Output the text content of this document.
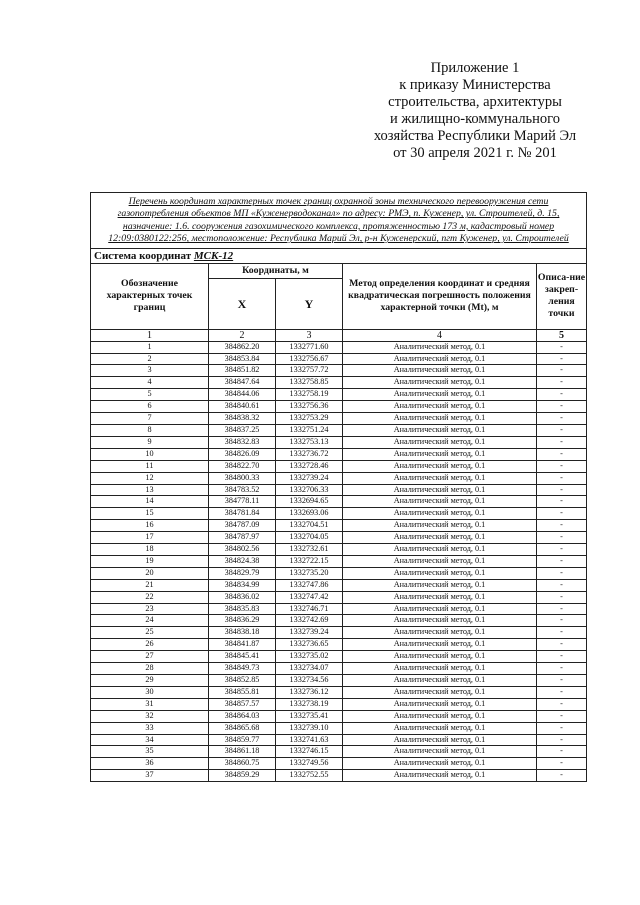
Приложение 1
к приказу Министерства
строительства, архитектуры
и жилищно-коммунального
хозяйства Республики Марий Эл
от 30 апреля 2021 г. № 201
Перечень координат характерных точек границ охранной зоны технического перевооружения сети газопотребления объектов МП «Куженерводоканал» по адресу: РМЭ, п. Куженер, ул. Строителей, д. 15, назначение: 1.6. сооружения газохимического комплекса, протяженностью 173 м, кадастровый номер 12:09:0380122:256, местоположение: Республика Марий Эл, р-н Куженерский, пгт Куженер, ул. Строителей				
Система координат МСК-12				
Обозначение характерных точек границ	Координаты, м		Метод определения координат и средняя квадратическая погрешность положения характерной точки (Mt), м	Описа-ние закреп-ления точки
	X	Y		
1	2	3	4	5
1	384862.20	1332771.60	Аналитический метод, 0.1	-
2	384853.84	1332756.67	Аналитический метод, 0.1	-
3	384851.82	1332757.72	Аналитический метод, 0.1	-
4	384847.64	1332758.85	Аналитический метод, 0.1	-
5	384844.06	1332758.19	Аналитический метод, 0.1	-
6	384840.61	1332756.36	Аналитический метод, 0.1	-
7	384838.32	1332753.29	Аналитический метод, 0.1	-
8	384837.25	1332751.24	Аналитический метод, 0.1	-
9	384832.83	1332753.13	Аналитический метод, 0.1	-
10	384826.09	1332736.72	Аналитический метод, 0.1	-
11	384822.70	1332728.46	Аналитический метод, 0.1	-
12	384800.33	1332739.24	Аналитический метод, 0.1	-
13	384783.52	1332706.33	Аналитический метод, 0.1	-
14	384778.11	1332694.65	Аналитический метод, 0.1	-
15	384781.84	1332693.06	Аналитический метод, 0.1	-
16	384787.09	1332704.51	Аналитический метод, 0.1	-
17	384787.97	1332704.05	Аналитический метод, 0.1	-
18	384802.56	1332732.61	Аналитический метод, 0.1	-
19	384824.38	1332722.15	Аналитический метод, 0.1	-
20	384829.79	1332735.20	Аналитический метод, 0.1	-
21	384834.99	1332747.86	Аналитический метод, 0.1	-
22	384836.02	1332747.42	Аналитический метод, 0.1	-
23	384835.83	1332746.71	Аналитический метод, 0.1	-
24	384836.29	1332742.69	Аналитический метод, 0.1	-
25	384838.18	1332739.24	Аналитический метод, 0.1	-
26	384841.87	1332736.65	Аналитический метод, 0.1	-
27	384845.41	1332735.02	Аналитический метод, 0.1	-
28	384849.73	1332734.07	Аналитический метод, 0.1	-
29	384852.85	1332734.56	Аналитический метод, 0.1	-
30	384855.81	1332736.12	Аналитический метод, 0.1	-
31	384857.57	1332738.19	Аналитический метод, 0.1	-
32	384864.03	1332735.41	Аналитический метод, 0.1	-
33	384865.68	1332739.10	Аналитический метод, 0.1	-
34	384859.77	1332741.63	Аналитический метод, 0.1	-
35	384861.18	1332746.15	Аналитический метод, 0.1	-
36	384860.75	1332749.56	Аналитический метод, 0.1	-
37	384859.29	1332752.55	Аналитический метод, 0.1	-
